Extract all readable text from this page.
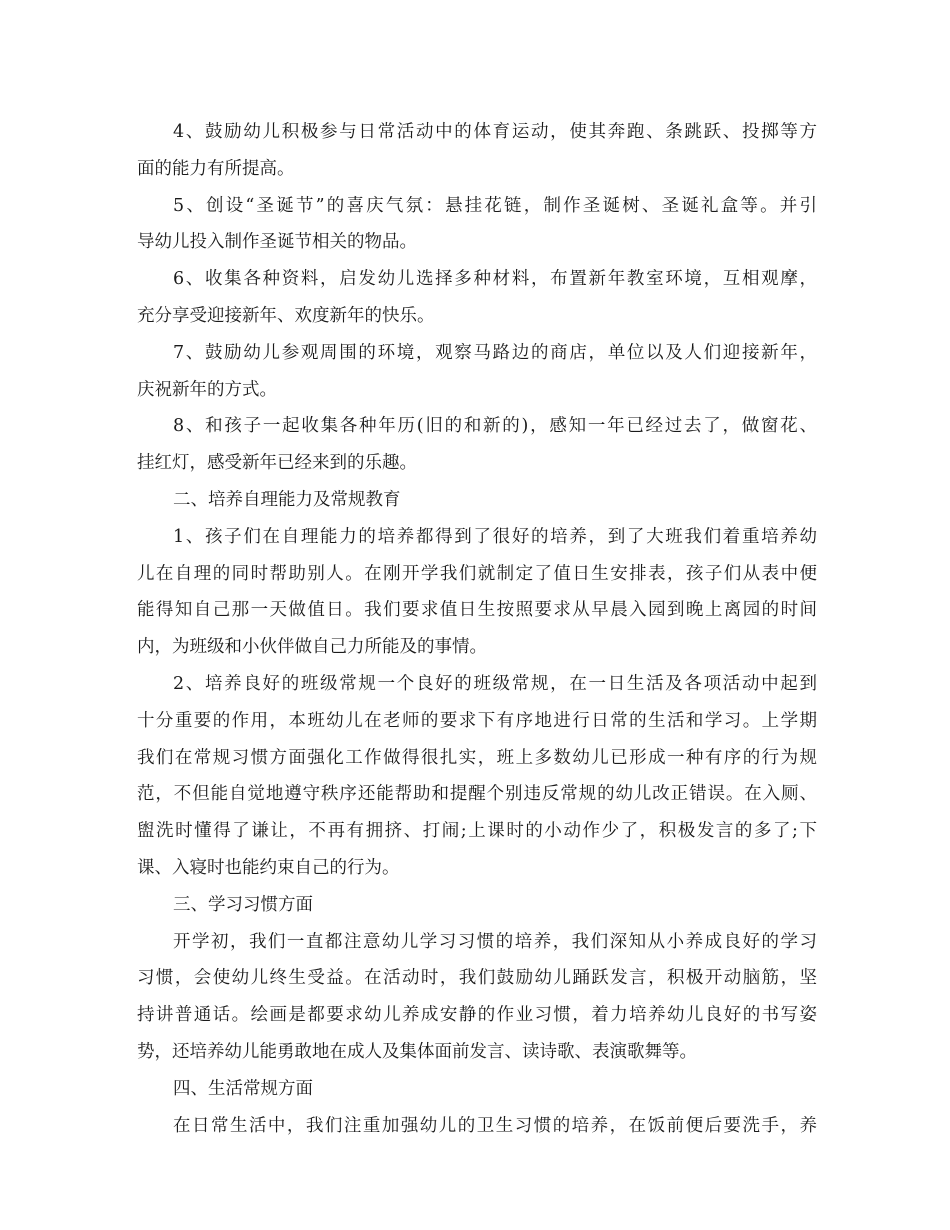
4、鼓励幼儿积极参与日常活动中的体育运动，使其奔跑、条跳跃、投掷等方
面的能力有所提高。
5、创设“圣诞节”的喜庆气氛：悬挂花链，制作圣诞树、圣诞礼盒等。并引
导幼儿投入制作圣诞节相关的物品。
6、收集各种资料，启发幼儿选择多种材料，布置新年教室环境，互相观摩，
充分享受迎接新年、欢度新年的快乐。
7、鼓励幼儿参观周围的环境，观察马路边的商店，单位以及人们迎接新年，
庆祝新年的方式。
8、和孩子一起收集各种年历(旧的和新的)，感知一年已经过去了，做窗花、
挂红灯，感受新年已经来到的乐趣。
二、培养自理能力及常规教育
1、孩子们在自理能力的培养都得到了很好的培养，到了大班我们着重培养幼
儿在自理的同时帮助别人。在刚开学我们就制定了值日生安排表，孩子们从表中便
能得知自己那一天做值日。我们要求值日生按照要求从早晨入园到晚上离园的时间
内，为班级和小伙伴做自己力所能及的事情。
2、培养良好的班级常规一个良好的班级常规，在一日生活及各项活动中起到
十分重要的作用，本班幼儿在老师的要求下有序地进行日常的生活和学习。上学期
我们在常规习惯方面强化工作做得很扎实，班上多数幼儿已形成一种有序的行为规
范，不但能自觉地遵守秩序还能帮助和提醒个别违反常规的幼儿改正错误。在入厕、
盥洗时懂得了谦让，不再有拥挤、打闹;上课时的小动作少了，积极发言的多了;下
课、入寝时也能约束自己的行为。
三、学习习惯方面
开学初，我们一直都注意幼儿学习习惯的培养，我们深知从小养成良好的学习
习惯，会使幼儿终生受益。在活动时，我们鼓励幼儿踊跃发言，积极开动脑筋，坚
持讲普通话。绘画是都要求幼儿养成安静的作业习惯，着力培养幼儿良好的书写姿
势，还培养幼儿能勇敢地在成人及集体面前发言、读诗歌、表演歌舞等。
四、生活常规方面
在日常生活中，我们注重加强幼儿的卫生习惯的培养，在饭前便后要洗手，养
